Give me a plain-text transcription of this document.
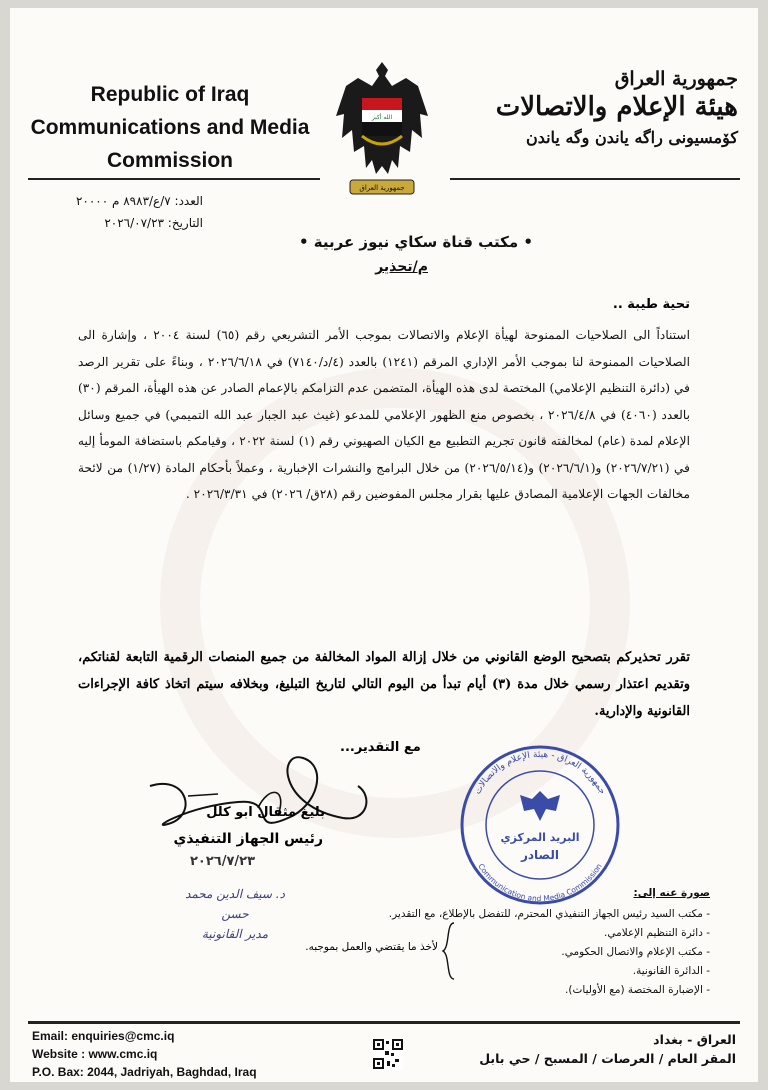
Republic of Iraq
Communications and Media
Commission
الله أكبر
جمهورية العراق
جمهورية العراق
هيئة الإعلام والاتصالات
كۆمسيونى راگه ياندن وگه ياندن
العدد: ٧/ع/٨٩٨٣ م ٢٠٠٠٠
التاريخ: ٢٠٢٦/٠٧/٢٣
• مكتب قناة سكاي نيوز عربية •
م/تحذير
تحية طيبة ..
استناداً الى الصلاحيات الممنوحة لهيأة الإعلام والاتصالات بموجب الأمر التشريعي رقم (٦٥) لسنة ٢٠٠٤ ، وإشارة الى الصلاحيات الممنوحة لنا بموجب الأمر الإداري المرقم (١٢٤١) بالعدد (٤/د/٧١٤٠) في ٢٠٢٦/٦/١٨ ، وبناءً على تقرير الرصد في (دائرة التنظيم الإعلامي) المختصة لدى هذه الهيأة، المتضمن عدم التزامكم بالإعمام الصادر عن هذه الهيأة، المرقم (٣٠) بالعدد (٤٠٦٠) في ٢٠٢٦/٤/٨ ، بخصوص منع الظهور الإعلامي للمدعو (غيث عبد الجبار عبد الله التميمي) في جميع وسائل الإعلام لمدة (عام) لمخالفته قانون تجريم التطبيع مع الكيان الصهيوني رقم (١) لسنة ٢٠٢٢ ، وقيامكم باستضافة المومأ إليه في (٢٠٢٦/٧/٢١) و(٢٠٢٦/٦/١) و(٢٠٢٦/٥/١٤) من خلال البرامج والنشرات الإخبارية ، وعملاً بأحكام المادة (١/٢٧) من لائحة مخالفات الجهات الإعلامية المصادق عليها بقرار مجلس المفوضين رقم (٢٨ق/ ٢٠٢٦) في ٢٠٢٦/٣/٣١ .
تقرر تحذيركم بتصحيح الوضع القانوني من خلال إزالة المواد المخالفة من جميع المنصات الرقمية التابعة لقناتكم، وتقديم اعتذار رسمي خلال مدة (٣) أيام تبدأ من اليوم التالي لتاريخ التبليغ، وبخلافه سيتم اتخاذ كافة الإجراءات القانونية والإدارية.
مع التقدير...
بليغ مثقال ابو كلل
رئيس الجهاز التنفيذي
٢٠٢٦/٧/٢٣
د. سيف الدين محمد حسن
مدير القانونية
جمهورية العراق - هيئة الإعلام والاتصالات
Communication and Media Commission
البريد المركزي
الصادر
صورة عنه إلى:
- مكتب السيد رئيس الجهاز التنفيذي المحترم، للتفضل بالإطلاع، مع التقدير.
- دائرة التنظيم الإعلامي.
- مكتب الإعلام والاتصال الحكومي.
- الدائرة القانونية.
- الإضبارة المختصة (مع الأوليات).
لأخذ ما يقتضي والعمل بموجبه.
Email: enquiries@cmc.iq
Website : www.cmc.iq
P.O. Bax: 2044, Jadriyah, Baghdad, Iraq
العراق - بغداد
المقر العام / العرصات / المسبح / حي بابل
